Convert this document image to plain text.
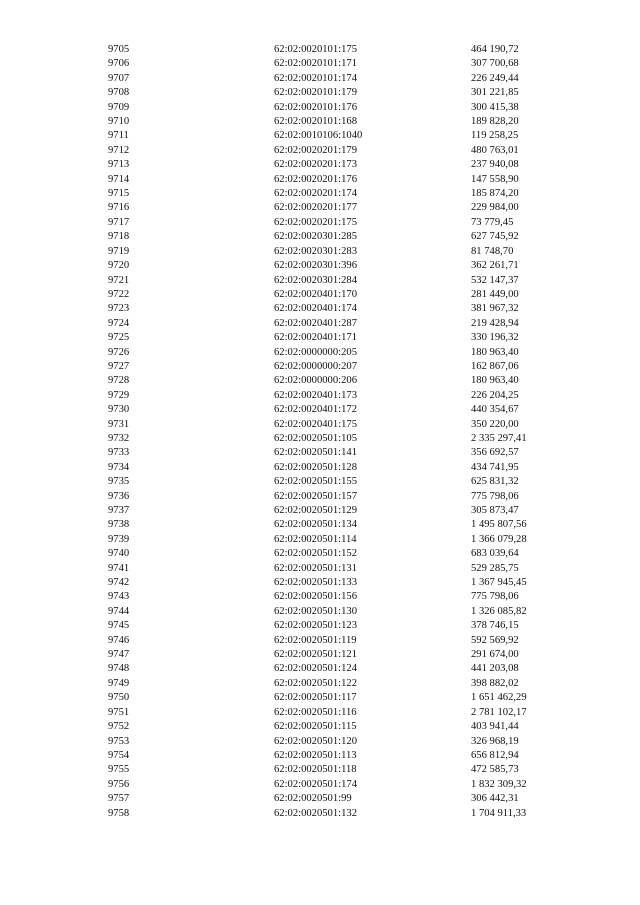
9705	62:02:0020101:175	464 190,72
9706	62:02:0020101:171	307 700,68
9707	62:02:0020101:174	226 249,44
9708	62:02:0020101:179	301 221,85
9709	62:02:0020101:176	300 415,38
9710	62:02:0020101:168	189 828,20
9711	62:02:0010106:1040	119 258,25
9712	62:02:0020201:179	480 763,01
9713	62:02:0020201:173	237 940,08
9714	62:02:0020201:176	147 558,90
9715	62:02:0020201:174	185 874,20
9716	62:02:0020201:177	229 984,00
9717	62:02:0020201:175	73 779,45
9718	62:02:0020301:285	627 745,92
9719	62:02:0020301:283	81 748,70
9720	62:02:0020301:396	362 261,71
9721	62:02:0020301:284	532 147,37
9722	62:02:0020401:170	281 449,00
9723	62:02:0020401:174	381 967,32
9724	62:02:0020401:287	219 428,94
9725	62:02:0020401:171	330 196,32
9726	62:02:0000000:205	180 963,40
9727	62:02:0000000:207	162 867,06
9728	62:02:0000000:206	180 963,40
9729	62:02:0020401:173	226 204,25
9730	62:02:0020401:172	440 354,67
9731	62:02:0020401:175	350 220,00
9732	62:02:0020501:105	2 335 297,41
9733	62:02:0020501:141	356 692,57
9734	62:02:0020501:128	434 741,95
9735	62:02:0020501:155	625 831,32
9736	62:02:0020501:157	775 798,06
9737	62:02:0020501:129	305 873,47
9738	62:02:0020501:134	1 495 807,56
9739	62:02:0020501:114	1 366 079,28
9740	62:02:0020501:152	683 039,64
9741	62:02:0020501:131	529 285,75
9742	62:02:0020501:133	1 367 945,45
9743	62:02:0020501:156	775 798,06
9744	62:02:0020501:130	1 326 085,82
9745	62:02:0020501:123	378 746,15
9746	62:02:0020501:119	592 569,92
9747	62:02:0020501:121	291 674,00
9748	62:02:0020501:124	441 203,08
9749	62:02:0020501:122	398 882,02
9750	62:02:0020501:117	1 651 462,29
9751	62:02:0020501:116	2 781 102,17
9752	62:02:0020501:115	403 941,44
9753	62:02:0020501:120	326 968,19
9754	62:02:0020501:113	656 812,94
9755	62:02:0020501:118	472 585,73
9756	62:02:0020501:174	1 832 309,32
9757	62:02:0020501:99	306 442,31
9758	62:02:0020501:132	1 704 911,33
